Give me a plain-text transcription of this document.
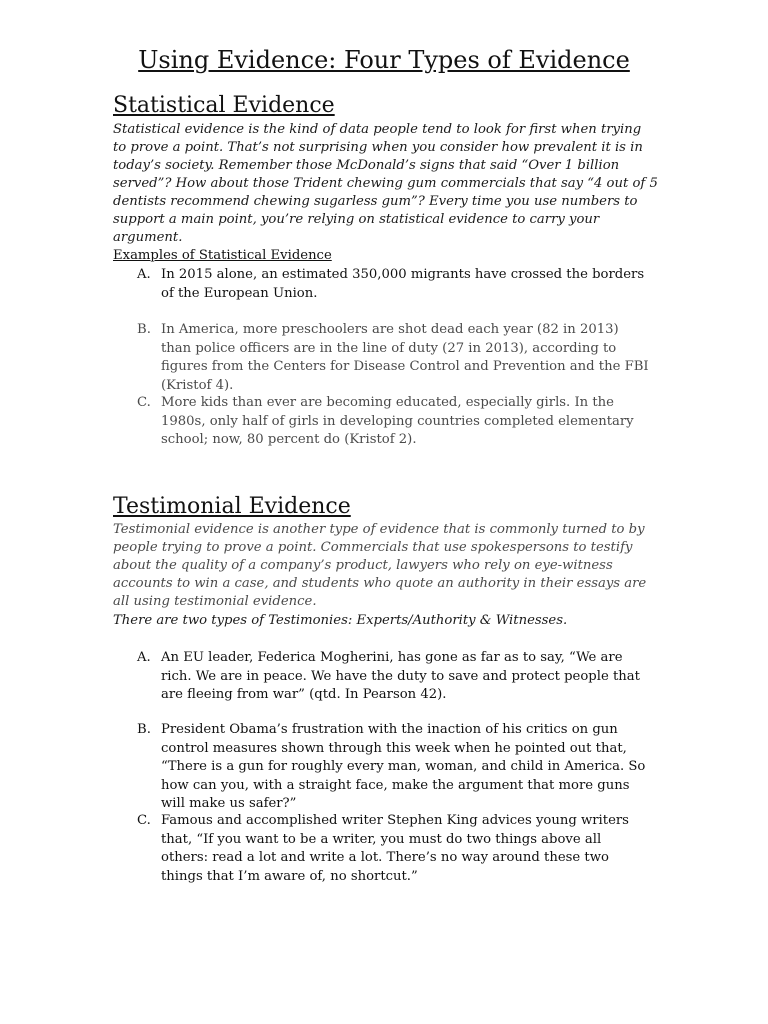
Using Evidence: Four Types of Evidence
Statistical Evidence
Statistical evidence is the kind of data people tend to look for first when trying to prove a point. That’s not surprising when you consider how prevalent it is in today’s society. Remember those McDonald’s signs that said “Over 1 billion served”? How about those Trident chewing gum commercials that say “4 out of 5 dentists recommend chewing sugarless gum”? Every time you use numbers to support a main point, you’re relying on statistical evidence to carry your argument.
Examples of Statistical Evidence
A. In 2015 alone, an estimated 350,000 migrants have crossed the borders of the European Union.
B. In America, more preschoolers are shot dead each year (82 in 2013) than police officers are in the line of duty (27 in 2013), according to figures from the Centers for Disease Control and Prevention and the FBI (Kristof 4).
C. More kids than ever are becoming educated, especially girls. In the 1980s, only half of girls in developing countries completed elementary school; now, 80 percent do (Kristof 2).
Testimonial Evidence
Testimonial evidence is another type of evidence that is commonly turned to by people trying to prove a point. Commercials that use spokespersons to testify about the quality of a company’s product, lawyers who rely on eye-witness accounts to win a case, and students who quote an authority in their essays are all using testimonial evidence.
There are two types of Testimonies: Experts/Authority & Witnesses.
A. An EU leader, Federica Mogherini, has gone as far as to say, “We are rich. We are in peace. We have the duty to save and protect people that are fleeing from war” (qtd. In Pearson 42).
B. President Obama’s frustration with the inaction of his critics on gun control measures shown through this week when he pointed out that, “There is a gun for roughly every man, woman, and child in America. So how can you, with a straight face, make the argument that more guns will make us safer?”
C. Famous and accomplished writer Stephen King advices young writers that, “If you want to be a writer, you must do two things above all others: read a lot and write a lot. There’s no way around these two things that I’m aware of, no shortcut.”
